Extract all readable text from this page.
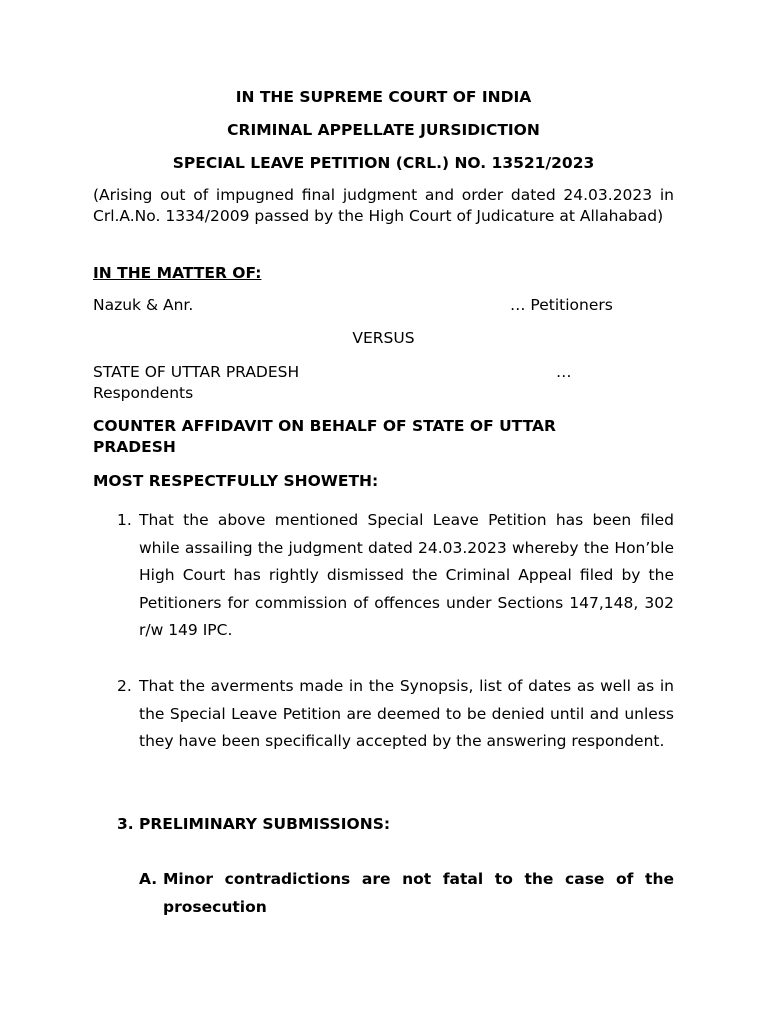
IN THE SUPREME COURT OF INDIA
CRIMINAL APPELLATE JURSIDICTION
SPECIAL LEAVE PETITION (CRL.) NO. 13521/2023
(Arising out of impugned final judgment and order dated 24.03.2023 in Crl.A.No. 1334/2009 passed by the High Court of Judicature at Allahabad)
IN THE MATTER OF:
Nazuk & Anr.	… Petitioners
VERSUS
STATE OF UTTAR PRADESH	…
Respondents
COUNTER AFFIDAVIT ON BEHALF OF STATE OF UTTAR PRADESH
MOST RESPECTFULLY SHOWETH:
1. That the above mentioned Special Leave Petition has been filed while assailing the judgment dated 24.03.2023 whereby the Hon’ble High Court has rightly dismissed the Criminal Appeal filed by the Petitioners for commission of offences under Sections 147,148, 302 r/w 149 IPC.
2. That the averments made in the Synopsis, list of dates as well as in the Special Leave Petition are deemed to be denied until and unless they have been specifically accepted by the answering respondent.
3. PRELIMINARY SUBMISSIONS:
A. Minor contradictions are not fatal to the case of the prosecution
